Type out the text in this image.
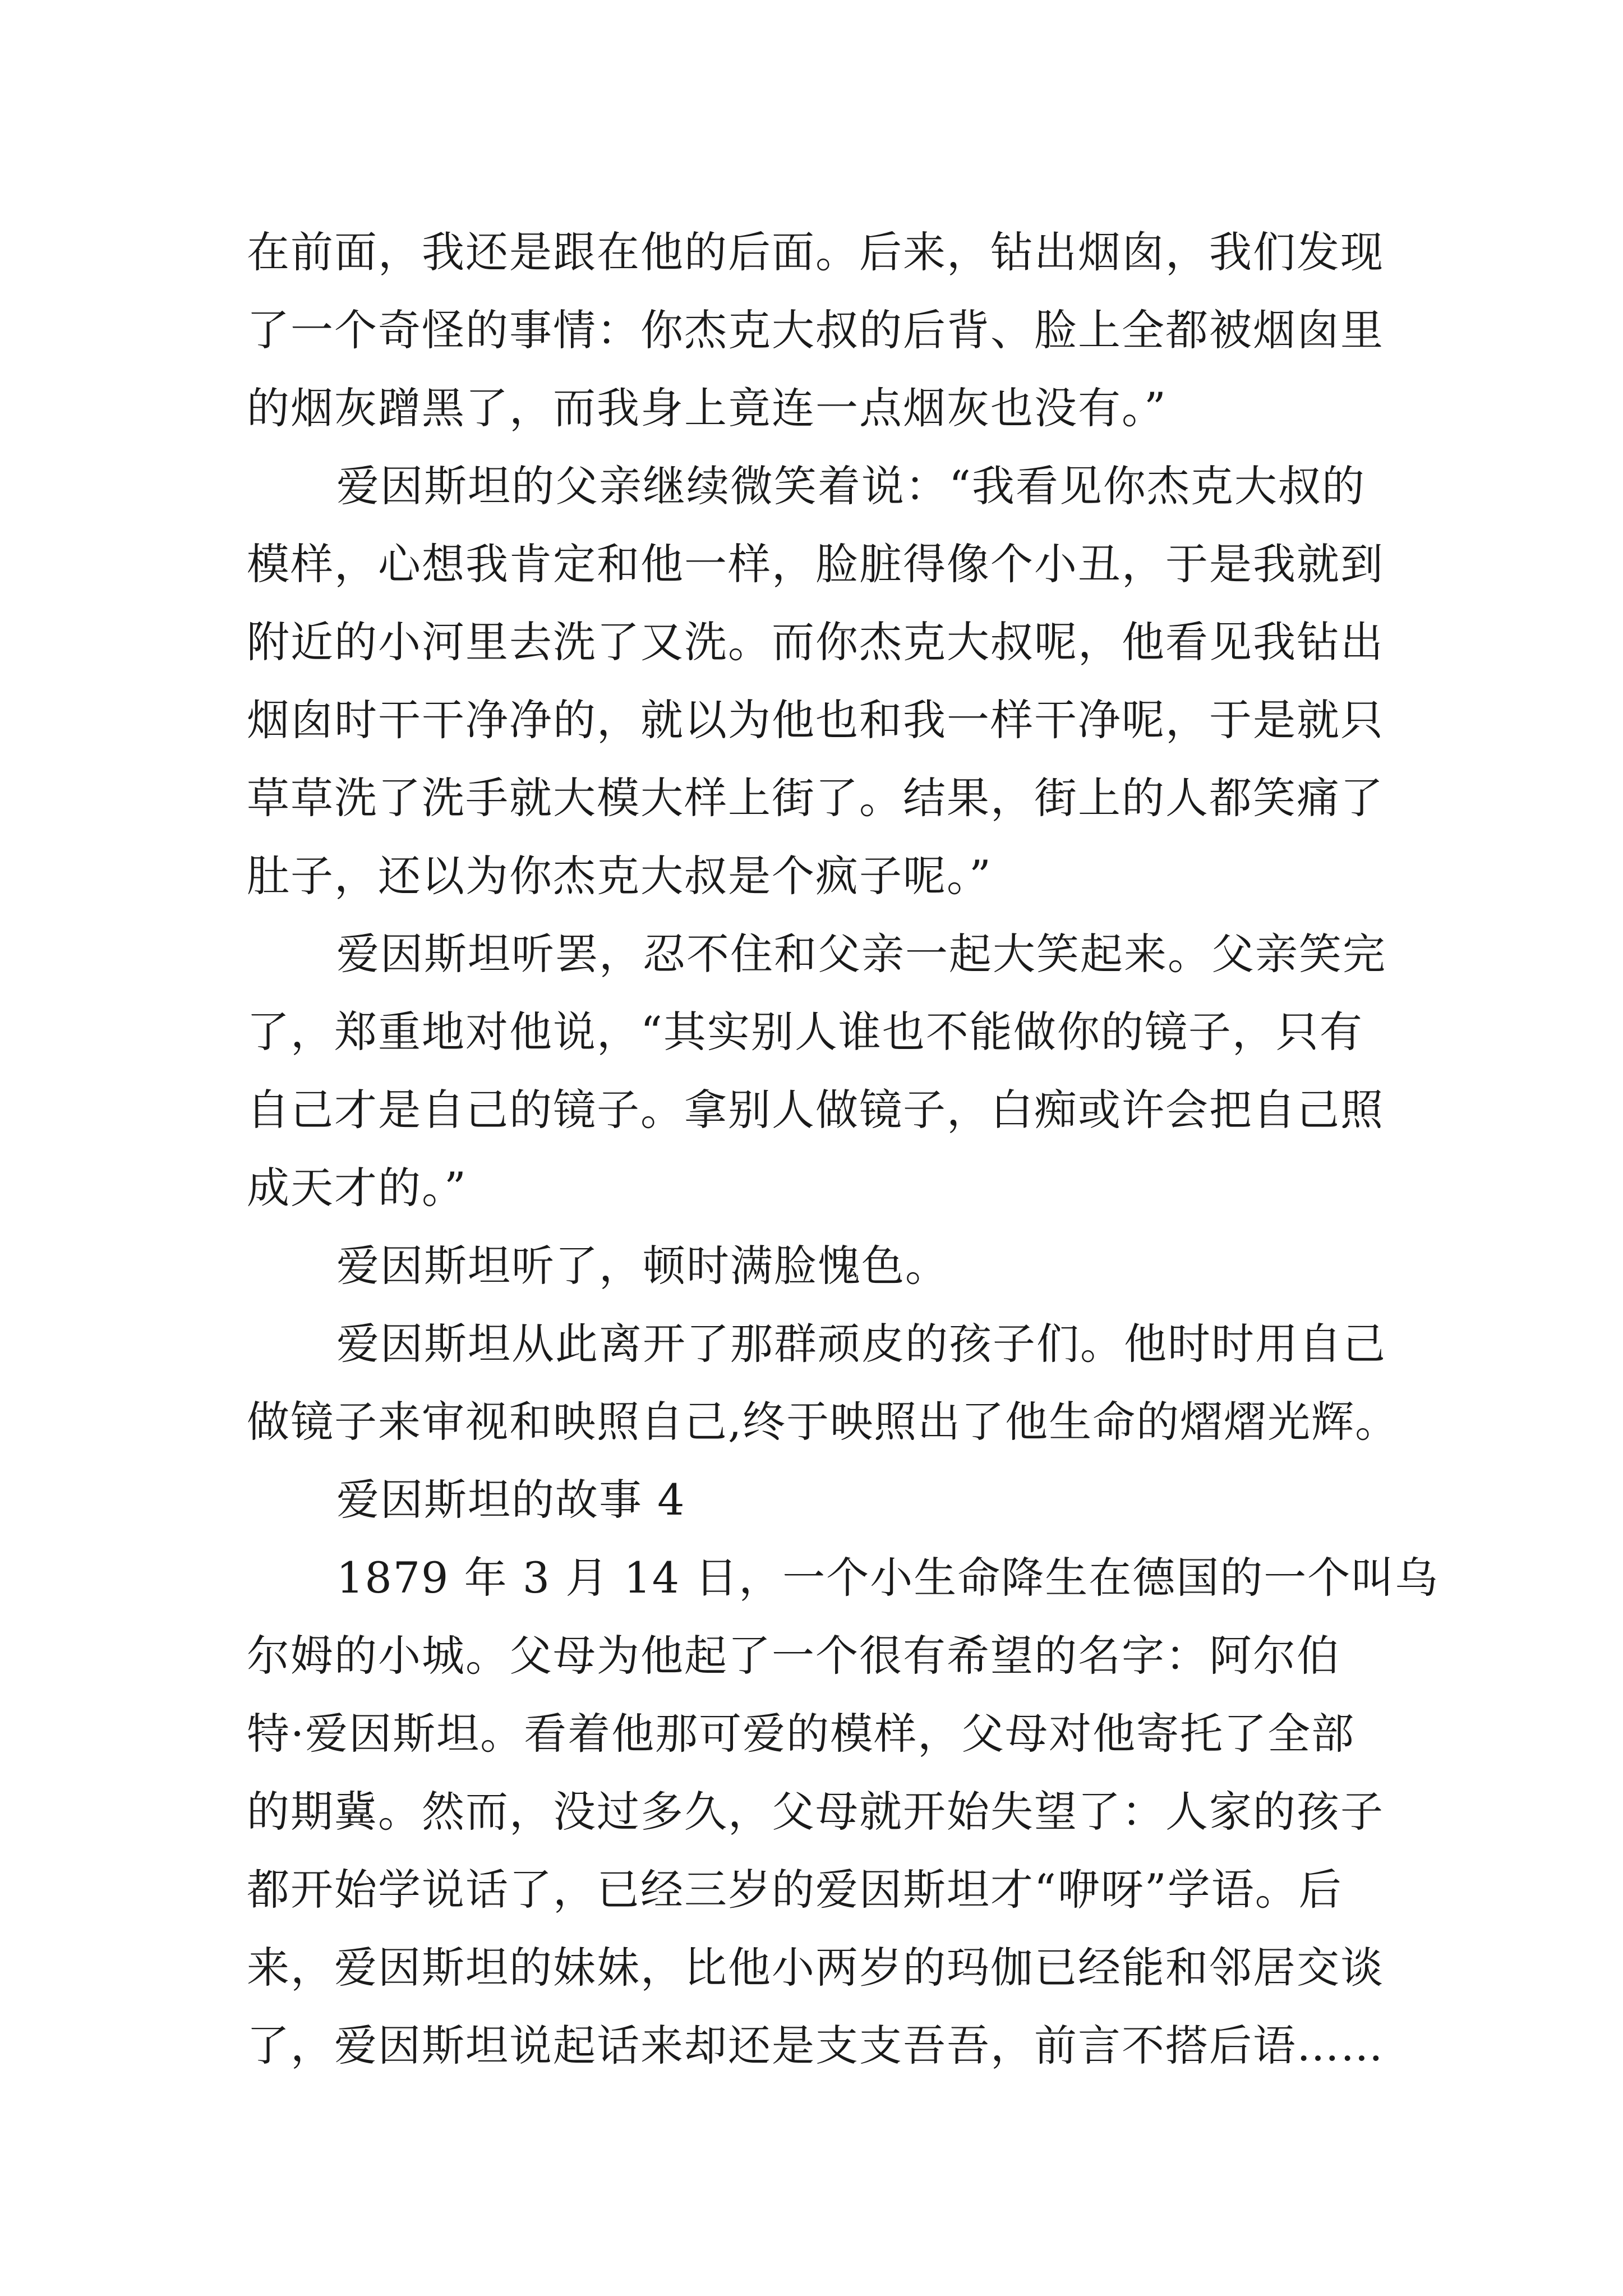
在前面，我还是跟在他的后面。后来，钻出烟囱，我们发现
了一个奇怪的事情：你杰克大叔的后背、脸上全都被烟囱里
的烟灰蹭黑了，而我身上竟连一点烟灰也没有。”
爱因斯坦的父亲继续微笑着说：“我看见你杰克大叔的
模样，心想我肯定和他一样，脸脏得像个小丑，于是我就到
附近的小河里去洗了又洗。而你杰克大叔呢，他看见我钻出
烟囱时干干净净的，就以为他也和我一样干净呢，于是就只
草草洗了洗手就大模大样上街了。结果，街上的人都笑痛了
肚子，还以为你杰克大叔是个疯子呢。”
爱因斯坦听罢，忍不住和父亲一起大笑起来。父亲笑完
了，郑重地对他说，“其实别人谁也不能做你的镜子，只有
自己才是自己的镜子。拿别人做镜子，白痴或许会把自己照
成天才的。”
爱因斯坦听了，顿时满脸愧色。
爱因斯坦从此离开了那群顽皮的孩子们。他时时用自己
做镜子来审视和映照自己,终于映照出了他生命的熠熠光辉。
爱因斯坦的故事 4
1879 年 3 月 14 日，一个小生命降生在德国的一个叫乌
尔姆的小城。父母为他起了一个很有希望的名字：阿尔伯
特·爱因斯坦。看着他那可爱的模样，父母对他寄托了全部
的期冀。然而，没过多久，父母就开始失望了：人家的孩子
都开始学说话了，已经三岁的爱因斯坦才“咿呀”学语。后
来，爱因斯坦的妹妹，比他小两岁的玛伽已经能和邻居交谈
了，爱因斯坦说起话来却还是支支吾吾，前言不搭后语……
